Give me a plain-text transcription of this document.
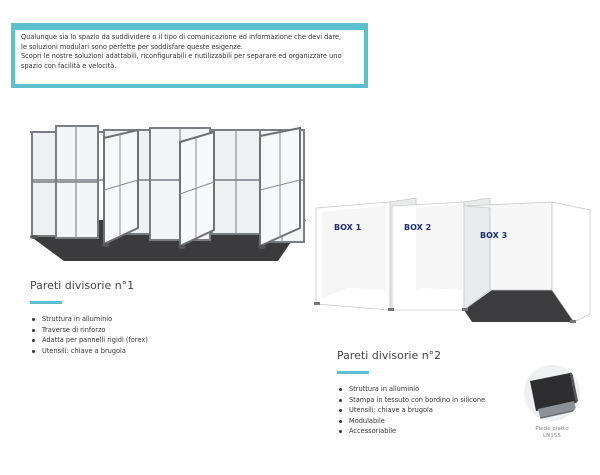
Qualunque sia lo spazio da suddividere o il tipo di comunicazione ed informazione che devi dare,

le soluzioni modulari sono perfette per soddisfare queste esigenze.

Scopri le nostre soluzioni adattabili, riconfigurabili e riutilizzabili per separare ed organizzare uno

spazio con facilità e velocità.

Pareti divisorie n°1
Struttura in alluminio
Traverse di rinforzo
Adatta per pannelli rigidi (forex)
Utensili: chiave a brugola
BOX 1	BOX 2
BOX 3
Pareti divisorie n°2
Struttura in alluminio
Stampa in tessuto con bordino in silicone
Utensili: chiave a brugola
Modulabile
Accessoriabile	Piede piatto
LN155
